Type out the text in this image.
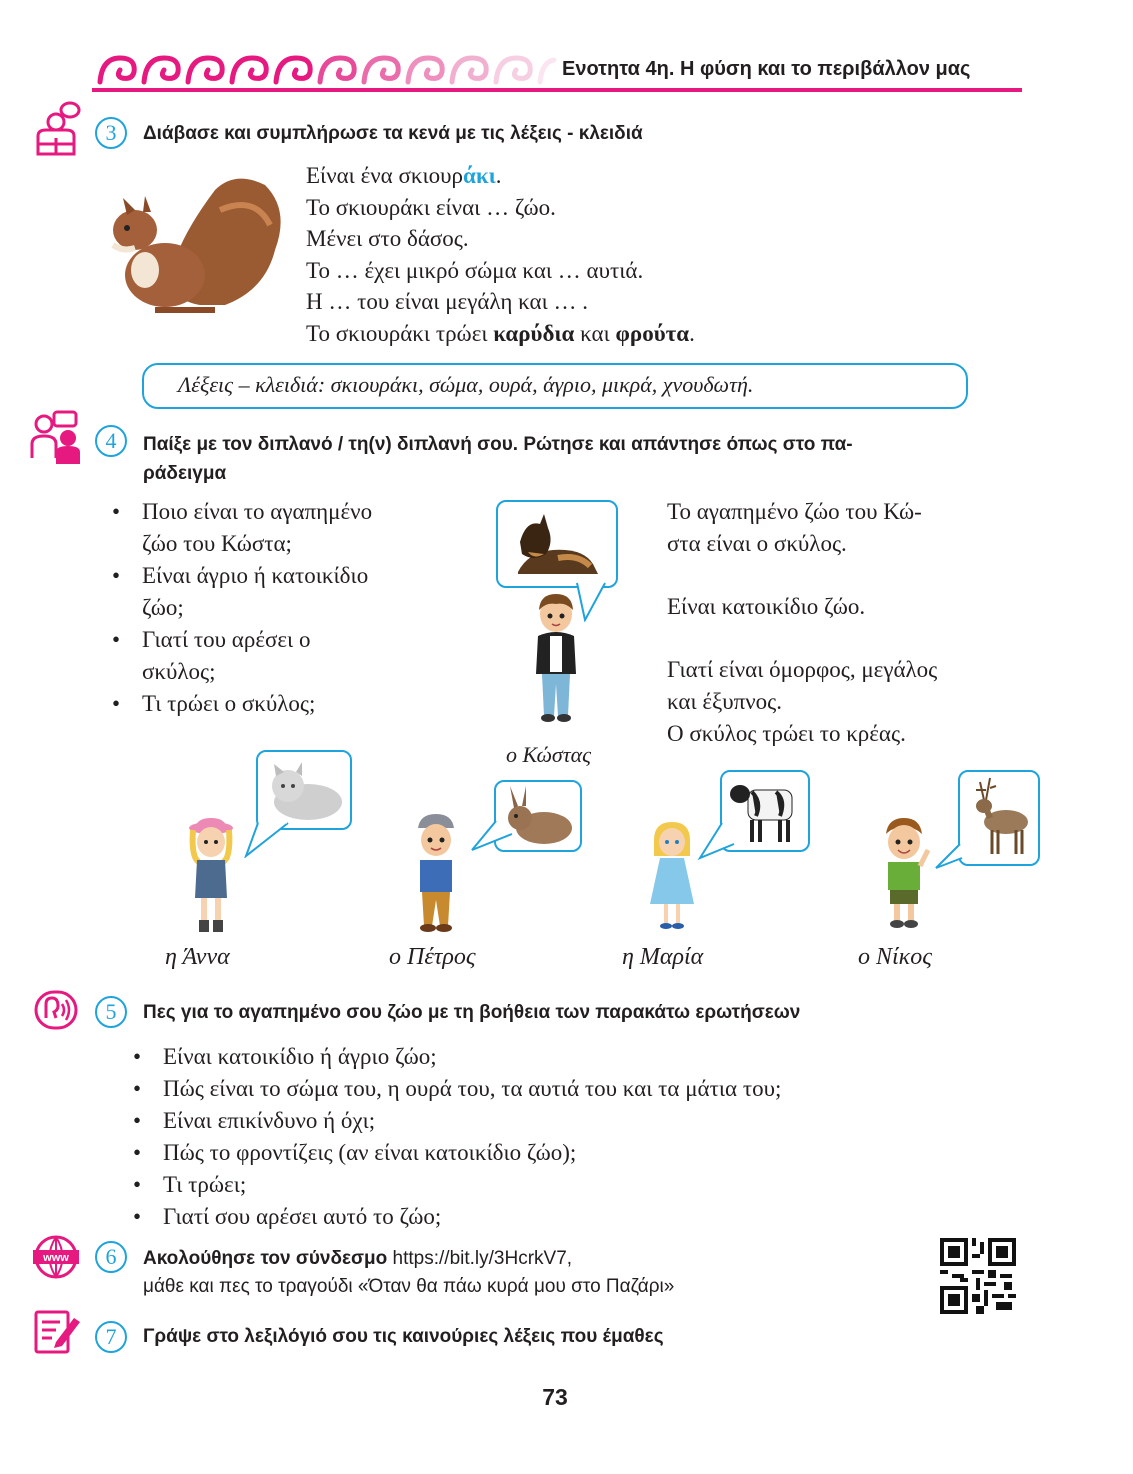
Ενοτητα 4η. Η φύση και το περιβάλλον μας
3	Διάβασε και συμπλήρωσε τα κενά με τις λέξεις - κλειδιά
Είναι ένα σκιουράκι.
Το σκιουράκι είναι … ζώο.
Μένει στο δάσος.
Το … έχει μικρό σώμα και … αυτιά.
Η … του είναι μεγάλη και … .
Το σκιουράκι τρώει καρύδια και φρούτα.
Λέξεις – κλειδιά: σκιουράκι, σώμα, ουρά, άγριο, μικρά, χνουδωτή.
4	Παίξε με τον διπλανό / τη(ν) διπλανή σου. Ρώτησε και απάντησε όπως στο πα-
ράδειγμα
• Ποιο είναι το αγαπημένο
ζώο του Κώστα;
• Είναι άγριο ή κατοικίδιο
ζώο;
• Γιατί του αρέσει ο
σκύλος;
• Τι τρώει ο σκύλος;
ο Κώστας
Το αγαπημένο ζώο του Κώ-
στα είναι ο σκύλος.
Είναι κατοικίδιο ζώο.
Γιατί είναι όμορφος, μεγάλος
και έξυπνος.
Ο σκύλος τρώει το κρέας.
η Άννα	ο Πέτρος	η Μαρία	ο Νίκος
5	Πες για το αγαπημένο σου ζώο με τη βοήθεια των παρακάτω ερωτήσεων
• Είναι κατοικίδιο ή άγριο ζώο;
• Πώς είναι το σώμα του, η ουρά του, τα αυτιά του και τα μάτια του;
• Είναι επικίνδυνο ή όχι;
• Πώς το φροντίζεις (αν είναι κατοικίδιο ζώο);
• Τι τρώει;
• Γιατί σου αρέσει αυτό το ζώο;
www	6	Ακολούθησε τον σύνδεσμο https://bit.ly/3HcrkV7,
μάθε και πες το τραγούδι «Όταν θα πάω κυρά μου στο Παζάρι»
7	Γράψε στο λεξιλόγιό σου τις καινούριες λέξεις που έμαθες
73
